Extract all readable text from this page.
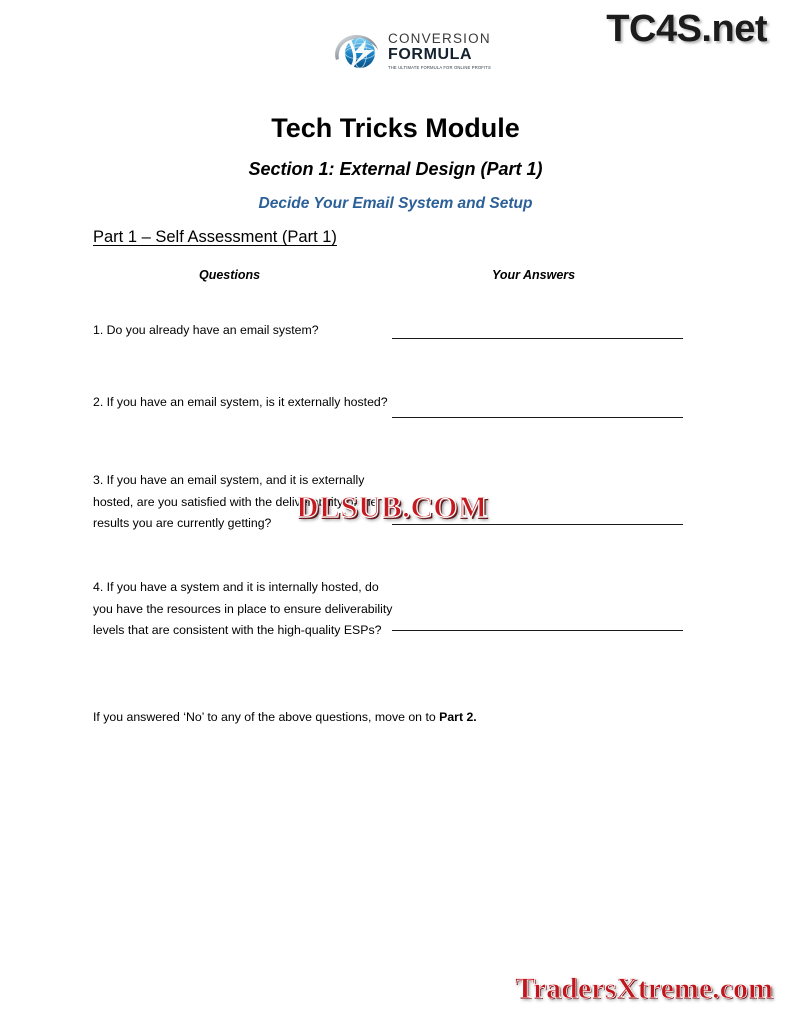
TC4S.net
CONVERSION
FORMULA
THE ULTIMATE FORMULA FOR ONLINE PROFITS
Tech Tricks Module
Section 1: External Design (Part 1)
Decide Your Email System and Setup
Part 1 – Self Assessment (Part 1)
Questions	Your Answers
1. Do you already have an email system?
2. If you have an email system, is it externally hosted?
3. If you have an email system, and it is externally hosted, are you satisfied with the deliverability of the results you are currently getting?
4. If you have a system and it is internally hosted, do you have the resources in place to ensure deliverability levels that are consistent with the high-quality ESPs?
DLSUB.COM
If you answered ‘No’ to any of the above questions, move on to Part 2.
TradersXtreme.com
